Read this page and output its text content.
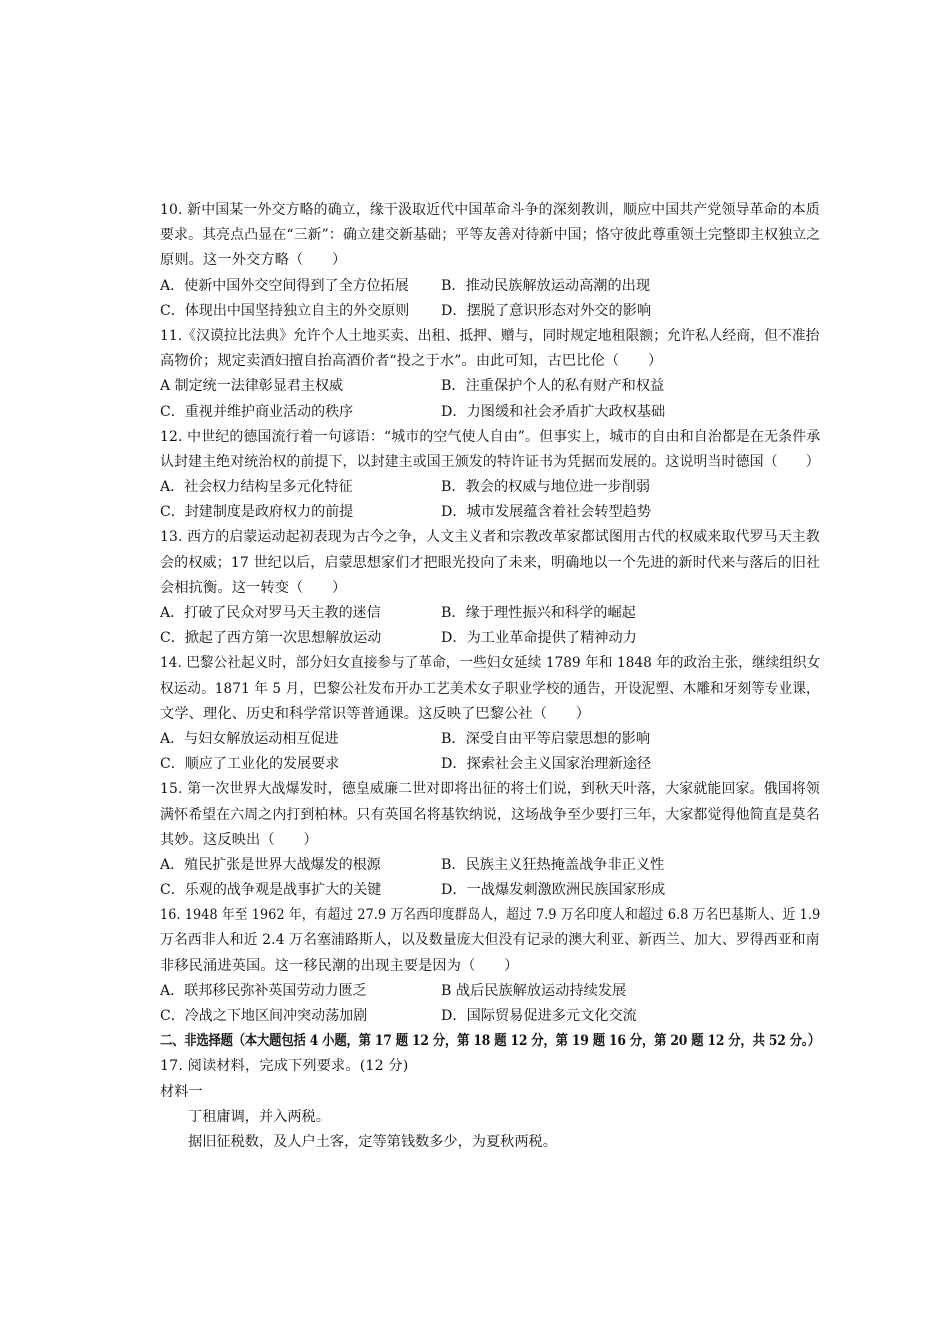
10. 新中国某一外交方略的确立，缘干汲取近代中国革命斗争的深刻教训，顺应中国共产党领导革命的本质
要求。其亮点凸显在“三新”：确立建交新基础；平等友善对待新中国；恪守彼此尊重领土完整即主权独立之
原则。这一外交方略（　　）
A．使新中国外交空间得到了全方位拓展	B．推动民族解放运动高潮的出现
C．体现出中国坚持独立自主的外交原则	D．摆脱了意识形态对外交的影响
11.《汉谟拉比法典》允许个人土地买卖、出租、抵押、赠与，同时规定地租限额；允许私人经商，但不准抬
高物价；规定卖酒妇擅自抬高酒价者“投之于水”。由此可知，古巴比伦（　　）
A 制定统一法律彰显君主权威	B．注重保护个人的私有财产和权益
C．重视并维护商业活动的秩序	D．力图缓和社会矛盾扩大政权基础
12. 中世纪的德国流行着一句谚语：“城市的空气使人自由”。但事实上，城市的自由和自治都是在无条件承
认封建主绝对统治权的前提下，以封建主或国王颁发的特许证书为凭据而发展的。这说明当时德国（　　）
A．社会权力结构呈多元化特征	B．教会的权威与地位进一步削弱
C．封建制度是政府权力的前提	D．城市发展蕴含着社会转型趋势
13. 西方的启蒙运动起初表现为古今之争，人文主义者和宗教改革家都试图用古代的权威来取代罗马天主教
会的权威；17 世纪以后，启蒙思想家们才把眼光投向了未来，明确地以一个先进的新时代来与落后的旧社
会相抗衡。这一转变（　　）
A．打破了民众对罗马天主教的迷信	B．缘于理性振兴和科学的崛起
C．掀起了西方第一次思想解放运动	D．为工业革命提供了精神动力
14. 巴黎公社起义时，部分妇女直接参与了革命，一些妇女延续 1789 年和 1848 年的政治主张，继续组织女
权运动。1871 年 5 月，巴黎公社发布开办工艺美术女子职业学校的通告，开设泥塑、木雕和牙刻等专业课，
文学、理化、历史和科学常识等普通课。这反映了巴黎公社（　　）
A．与妇女解放运动相互促进	B．深受自由平等启蒙思想的影响
C．顺应了工业化的发展要求	D．探索社会主义国家治理新途径
15. 第一次世界大战爆发时，德皇威廉二世对即将出征的将士们说，到秋天叶落，大家就能回家。俄国将领
满怀希望在六周之内打到柏林。只有英国名将基钦纳说，这场战争至少要打三年，大家都觉得他简直是莫名
其妙。这反映出（　　）
A．殖民扩张是世界大战爆发的根源	B．民族主义狂热掩盖战争非正义性
C．乐观的战争观是战事扩大的关键	D．一战爆发刺激欧洲民族国家形成
16. 1948 年至 1962 年，有超过 27.9 万名西印度群岛人，超过 7.9 万名印度人和超过 6.8 万名巴基斯人、近 1.9
万名西非人和近 2.4 万名塞浦路斯人，以及数量庞大但没有记录的澳大利亚、新西兰、加大、罗得西亚和南
非移民涌进英国。这一移民潮的出现主要是因为（　　）
A．联邦移民弥补英国劳动力匮乏	B 战后民族解放运动持续发展
C．冷战之下地区间冲突动荡加剧	D．国际贸易促进多元文化交流
二、非选择题（本大题包括 4 小题，第 17 题 12 分，第 18 题 12 分，第 19 题 16 分，第 20 题 12 分，共 52 分。）
17. 阅读材料，完成下列要求。(12 分)
材料一
丁租庸调，并入两税。
据旧征税数，及人户土客，定等第钱数多少，为夏秋两税。
